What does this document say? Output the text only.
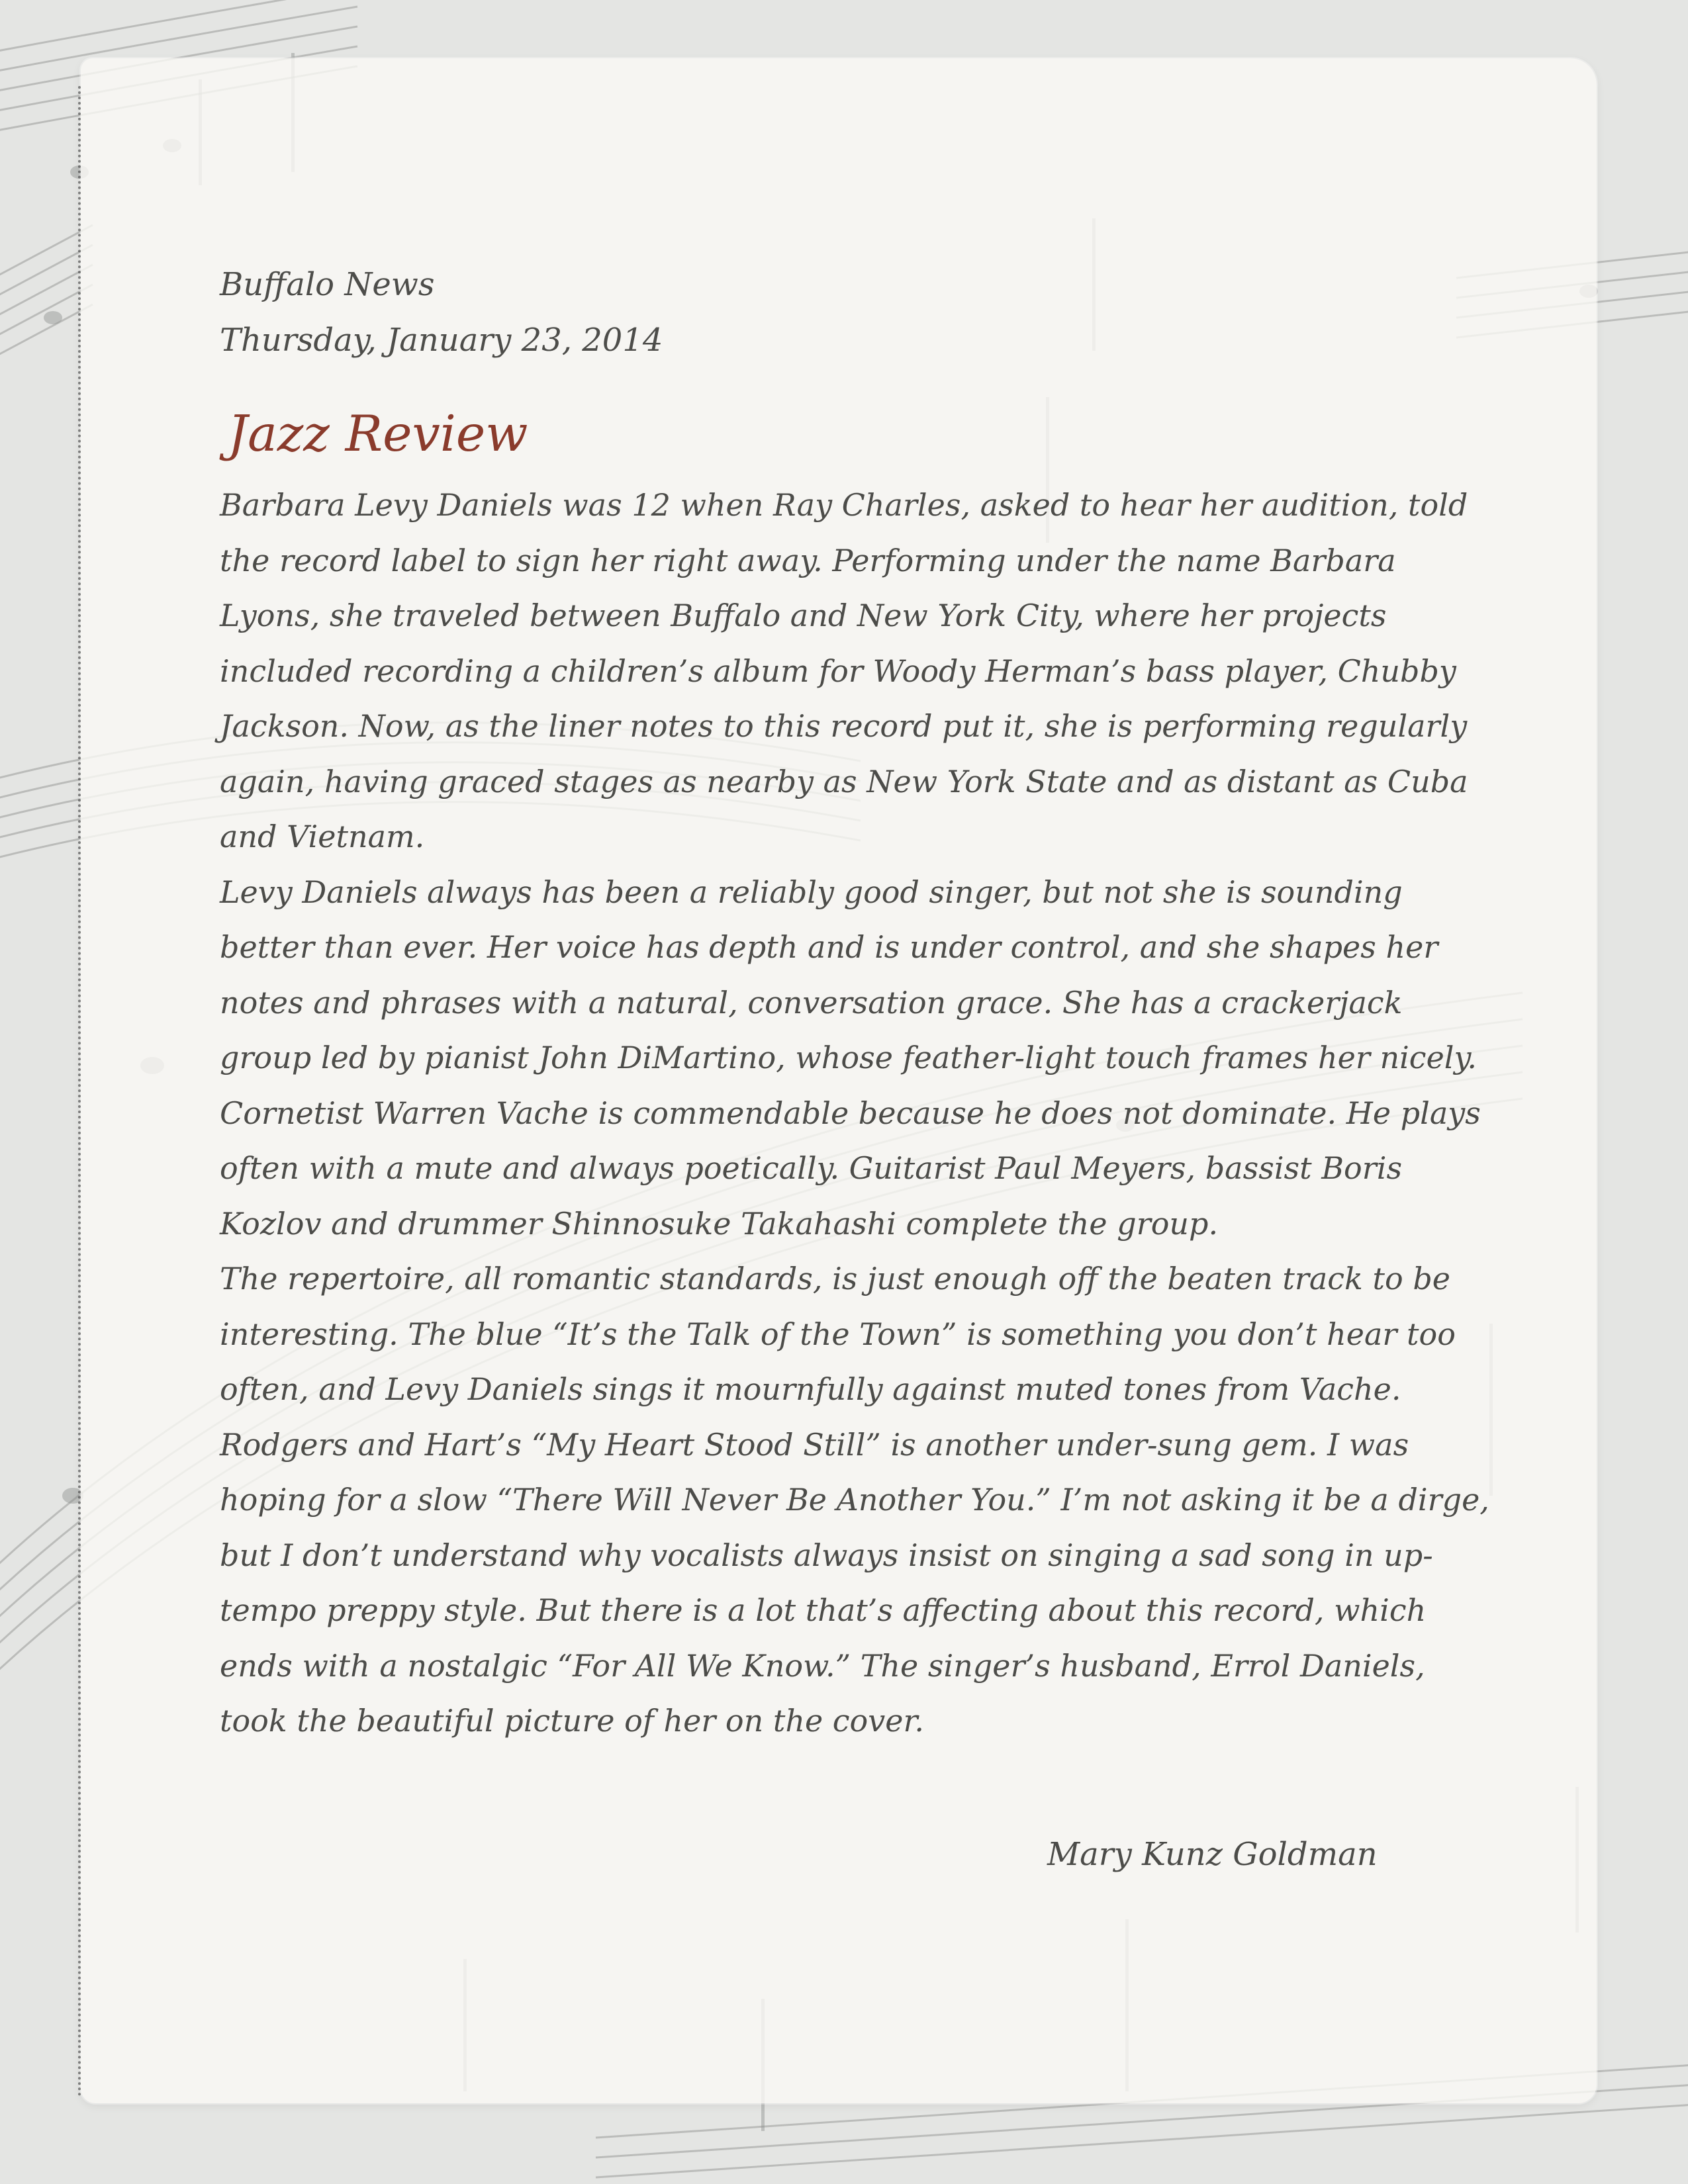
Buffalo News

Thursday, January 23, 2014

Jazz Review

Barbara Levy Daniels was 12 when Ray Charles, asked to hear her audition, told the record label to sign her right away. Performing under the name Barbara Lyons, she traveled between Buffalo and New York City, where her projects included recording a children’s album for Woody Herman’s bass player, Chubby Jackson. Now, as the liner notes to this record put it, she is performing regularly again, having graced stages as nearby as New York State and as distant as Cuba and Vietnam.

Levy Daniels always has been a reliably good singer, but not she is sounding better than ever. Her voice has depth and is under control, and she shapes her notes and phrases with a natural, conversation grace. She has a crackerjack group led by pianist John DiMartino, whose feather-light touch frames her nicely. Cornetist Warren Vache is commendable because he does not dominate. He plays often with a mute and always poetically. Guitarist Paul Meyers, bassist Boris Kozlov and drummer Shinnosuke Takahashi complete the group.

The repertoire, all romantic standards, is just enough off the beaten track to be interesting. The blue “It’s the Talk of the Town” is something you don’t hear too often, and Levy Daniels sings it mournfully against muted tones from Vache. Rodgers and Hart’s “My Heart Stood Still” is another under-sung gem. I was hoping for a slow “There Will Never Be Another You.” I’m not asking it be a dirge, but I don’t understand why vocalists always insist on singing a sad song in up-tempo preppy style. But there is a lot that’s affecting about this record, which ends with a nostalgic “For All We Know.” The singer’s husband, Errol Daniels, took the beautiful picture of her on the cover.

Mary Kunz Goldman
